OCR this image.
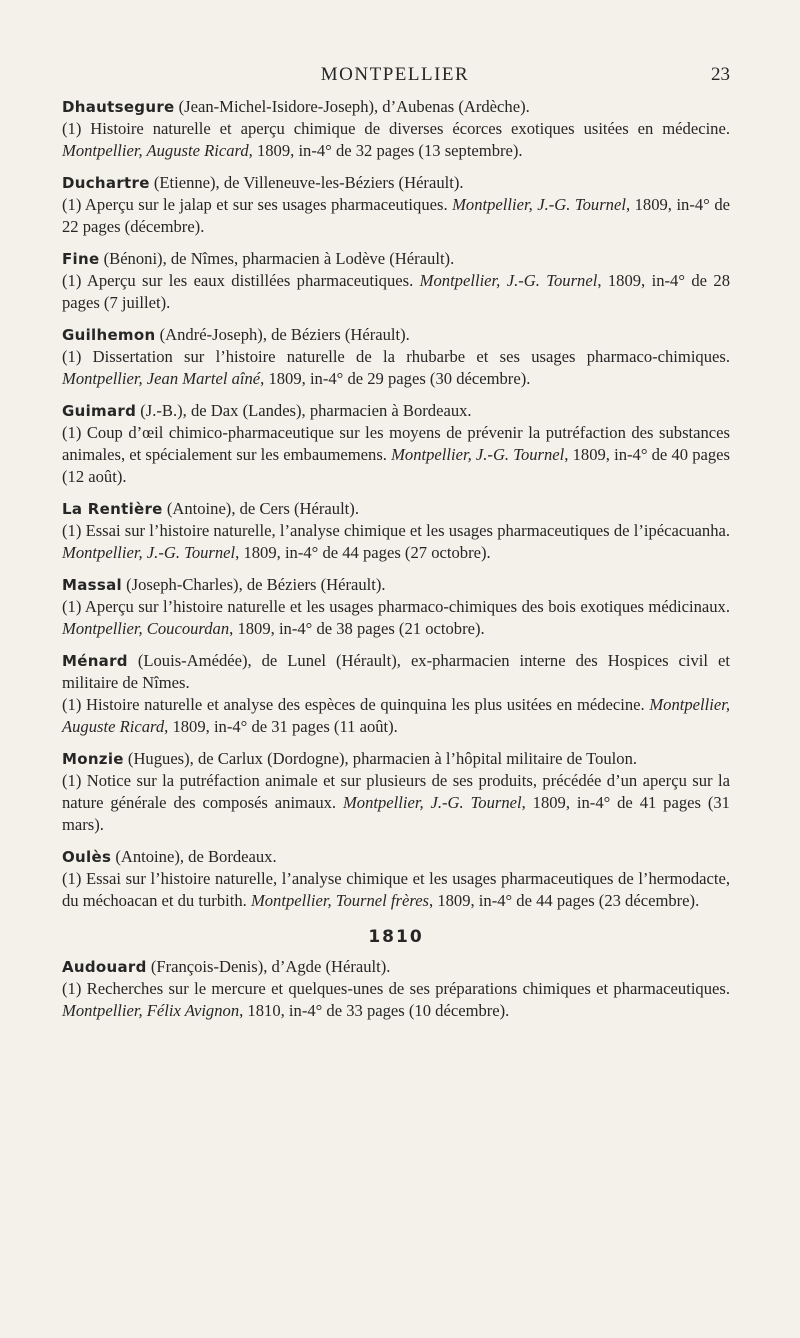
MONTPELLIER	23

Dhautsegure (Jean-Michel-Isidore-Joseph), d’Aubenas (Ardèche).

(1) Histoire naturelle et aperçu chimique de diverses écorces exotiques usitées en médecine. Montpellier, Auguste Ricard, 1809, in-4° de 32 pages (13 septembre).

Duchartre (Etienne), de Villeneuve-les-Béziers (Hérault).

(1) Aperçu sur le jalap et sur ses usages pharmaceutiques. Montpellier, J.-G. Tournel, 1809, in-4° de 22 pages (décembre).

Fine (Bénoni), de Nîmes, pharmacien à Lodève (Hérault).

(1) Aperçu sur les eaux distillées pharmaceutiques. Montpellier, J.-G. Tournel, 1809, in-4° de 28 pages (7 juillet).

Guilhemon (André-Joseph), de Béziers (Hérault).

(1) Dissertation sur l’histoire naturelle de la rhubarbe et ses usages pharmaco-chimiques. Montpellier, Jean Martel aîné, 1809, in-4° de 29 pages (30 décembre).

Guimard (J.-B.), de Dax (Landes), pharmacien à Bordeaux.

(1) Coup d’œil chimico-pharmaceutique sur les moyens de prévenir la putréfaction des substances animales, et spécialement sur les embaumemens. Montpellier, J.-G. Tournel, 1809, in-4° de 40 pages (12 août).

La Rentière (Antoine), de Cers (Hérault).

(1) Essai sur l’histoire naturelle, l’analyse chimique et les usages pharmaceutiques de l’ipécacuanha. Montpellier, J.-G. Tournel, 1809, in-4° de 44 pages (27 octobre).

Massal (Joseph-Charles), de Béziers (Hérault).

(1) Aperçu sur l’histoire naturelle et les usages pharmaco-chimiques des bois exotiques médicinaux. Montpellier, Coucourdan, 1809, in-4° de 38 pages (21 octobre).

Ménard (Louis-Amédée), de Lunel (Hérault), ex-pharmacien interne des Hospices civil et militaire de Nîmes.

(1) Histoire naturelle et analyse des espèces de quinquina les plus usitées en médecine. Montpellier, Auguste Ricard, 1809, in-4° de 31 pages (11 août).

Monzie (Hugues), de Carlux (Dordogne), pharmacien à l’hôpital militaire de Toulon.

(1) Notice sur la putréfaction animale et sur plusieurs de ses produits, précédée d’un aperçu sur la nature générale des composés animaux. Montpellier, J.-G. Tournel, 1809, in-4° de 41 pages (31 mars).

Oulès (Antoine), de Bordeaux.

(1) Essai sur l’histoire naturelle, l’analyse chimique et les usages pharmaceutiques de l’hermodacte, du méchoacan et du turbith. Montpellier, Tournel frères, 1809, in-4° de 44 pages (23 décembre).

1810

Audouard (François-Denis), d’Agde (Hérault).

(1) Recherches sur le mercure et quelques-unes de ses préparations chimiques et pharmaceutiques. Montpellier, Félix Avignon, 1810, in-4° de 33 pages (10 décembre).
